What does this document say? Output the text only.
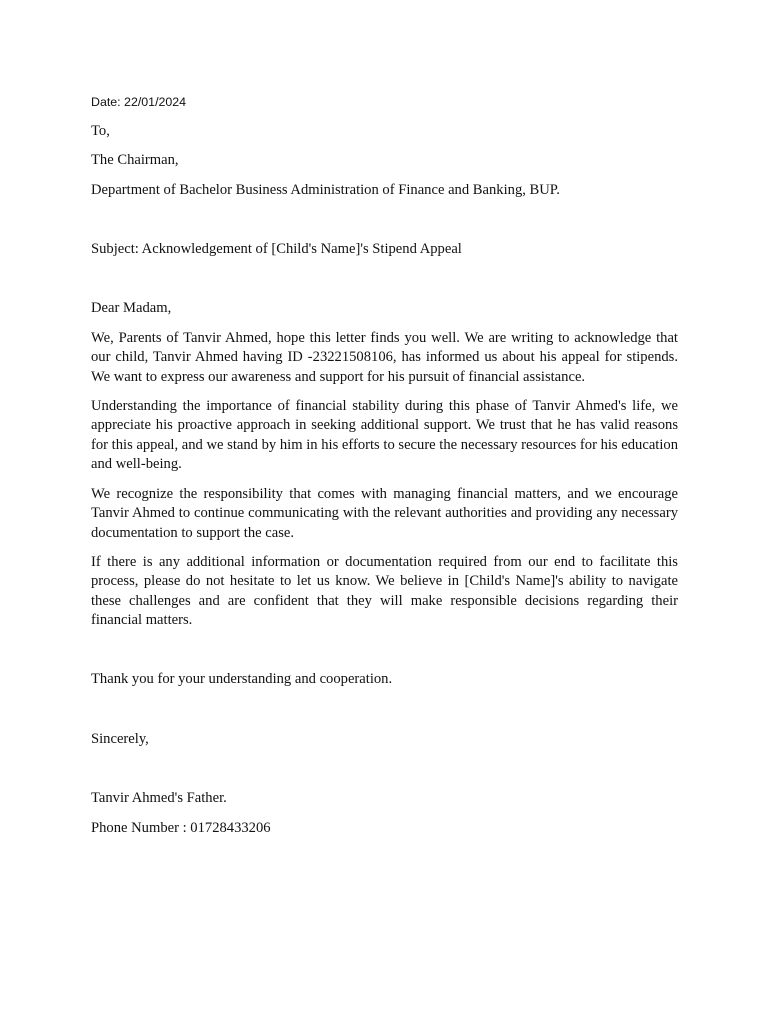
Date: 22/01/2024
To,
The Chairman,
Department of Bachelor Business Administration of Finance and Banking, BUP.
Subject: Acknowledgement of [Child's Name]'s Stipend Appeal
Dear Madam,

We, Parents of Tanvir Ahmed, hope this letter finds you well. We are writing to acknowledge that our child, Tanvir Ahmed having ID -23221508106, has informed us about his appeal for stipends. We want to express our awareness and support for his pursuit of financial assistance.

Understanding the importance of financial stability during this phase of Tanvir Ahmed's life, we appreciate his proactive approach in seeking additional support. We trust that he has valid reasons for this appeal, and we stand by him in his efforts to secure the necessary resources for his education and well-being.

We recognize the responsibility that comes with managing financial matters, and we encourage Tanvir Ahmed to continue communicating with the relevant authorities and providing any necessary documentation to support the case.

If there is any additional information or documentation required from our end to facilitate this process, please do not hesitate to let us know. We believe in [Child's Name]'s ability to navigate these challenges and are confident that they will make responsible decisions regarding their financial matters.

Thank you for your understanding and cooperation.
Sincerely,
Tanvir Ahmed's Father.
Phone Number : 01728433206
